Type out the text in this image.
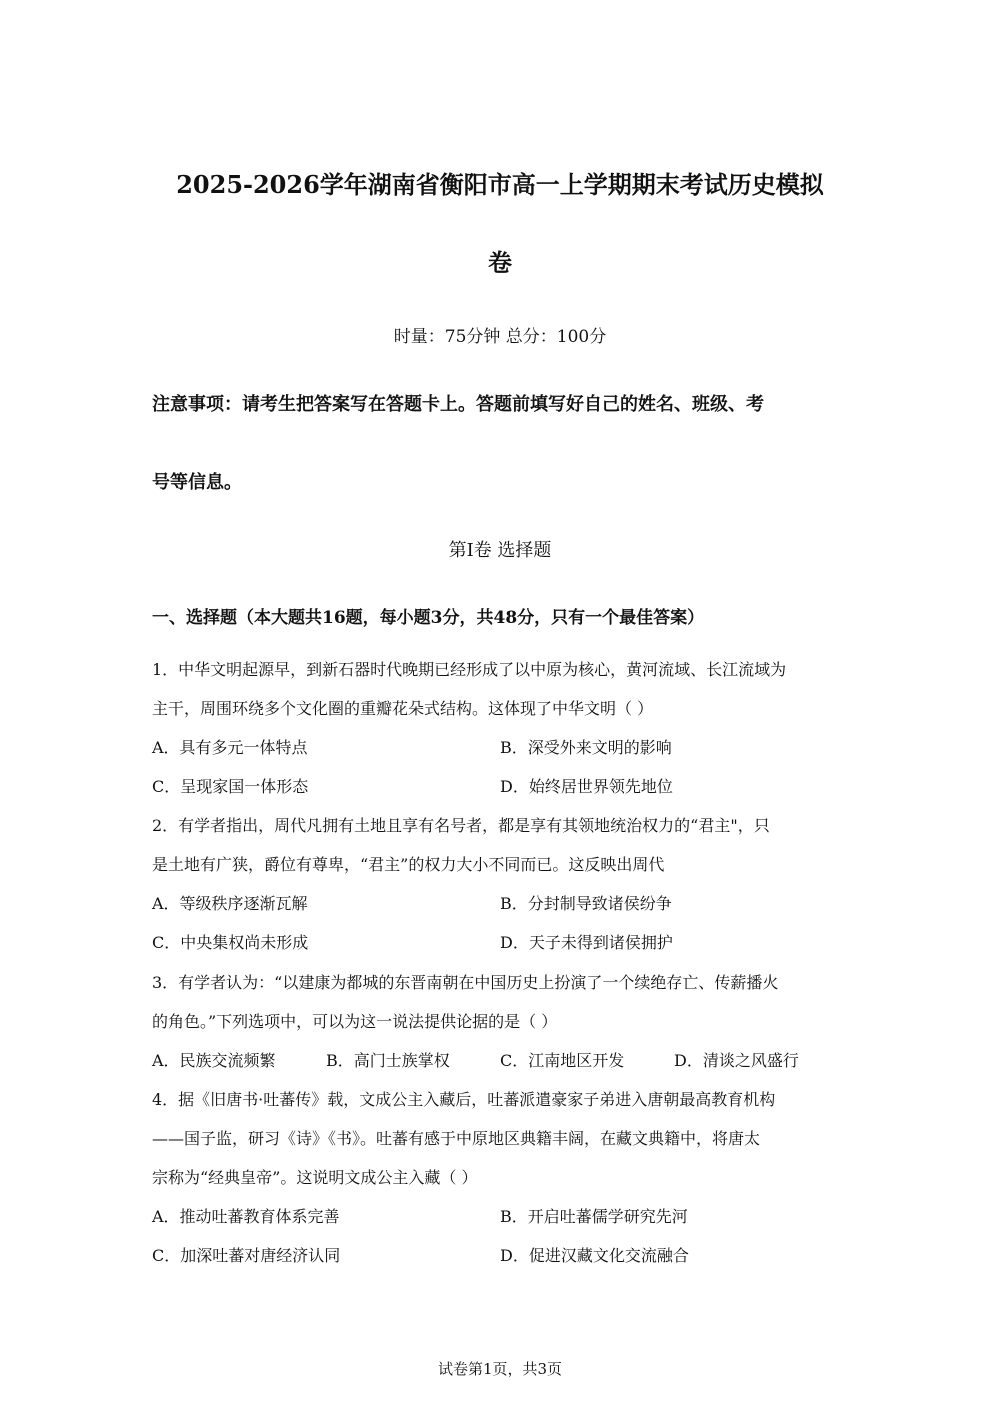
2025-2026学年湖南省衡阳市高一上学期期末考试历史模拟
卷
时量：75分钟 总分：100分
注意事项：请考生把答案写在答题卡上。答题前填写好自己的姓名、班级、考
号等信息。
第Ⅰ卷 选择题
一、选择题（本大题共16题，每小题3分，共48分，只有一个最佳答案）
1．中华文明起源早，到新石器时代晚期已经形成了以中原为核心，黄河流域、长江流域为
主干，周围环绕多个文化圈的重瓣花朵式结构。这体现了中华文明（ ）
A．具有多元一体特点	B．深受外来文明的影响
C．呈现家国一体形态	D．始终居世界领先地位
2．有学者指出，周代凡拥有土地且享有名号者，都是享有其领地统治权力的“君主"，只
是土地有广狭，爵位有尊卑，“君主”的权力大小不同而已。这反映出周代
A．等级秩序逐渐瓦解	B．分封制导致诸侯纷争
C．中央集权尚未形成	D．天子未得到诸侯拥护
3．有学者认为：“以建康为都城的东晋南朝在中国历史上扮演了一个续绝存亡、传薪播火
的角色。”下列选项中，可以为这一说法提供论据的是（ ）
A．民族交流频繁	B．高门士族掌权	C．江南地区开发	D．清谈之风盛行
4．据《旧唐书·吐蕃传》载，文成公主入藏后，吐蕃派遣豪家子弟进入唐朝最高教育机构
——国子监，研习《诗》《书》。吐蕃有感于中原地区典籍丰阔，在藏文典籍中，将唐太
宗称为“经典皇帝”。这说明文成公主入藏（ ）
A．推动吐蕃教育体系完善	B．开启吐蕃儒学研究先河
C．加深吐蕃对唐经济认同	D．促进汉藏文化交流融合
试卷第1页，共3页
